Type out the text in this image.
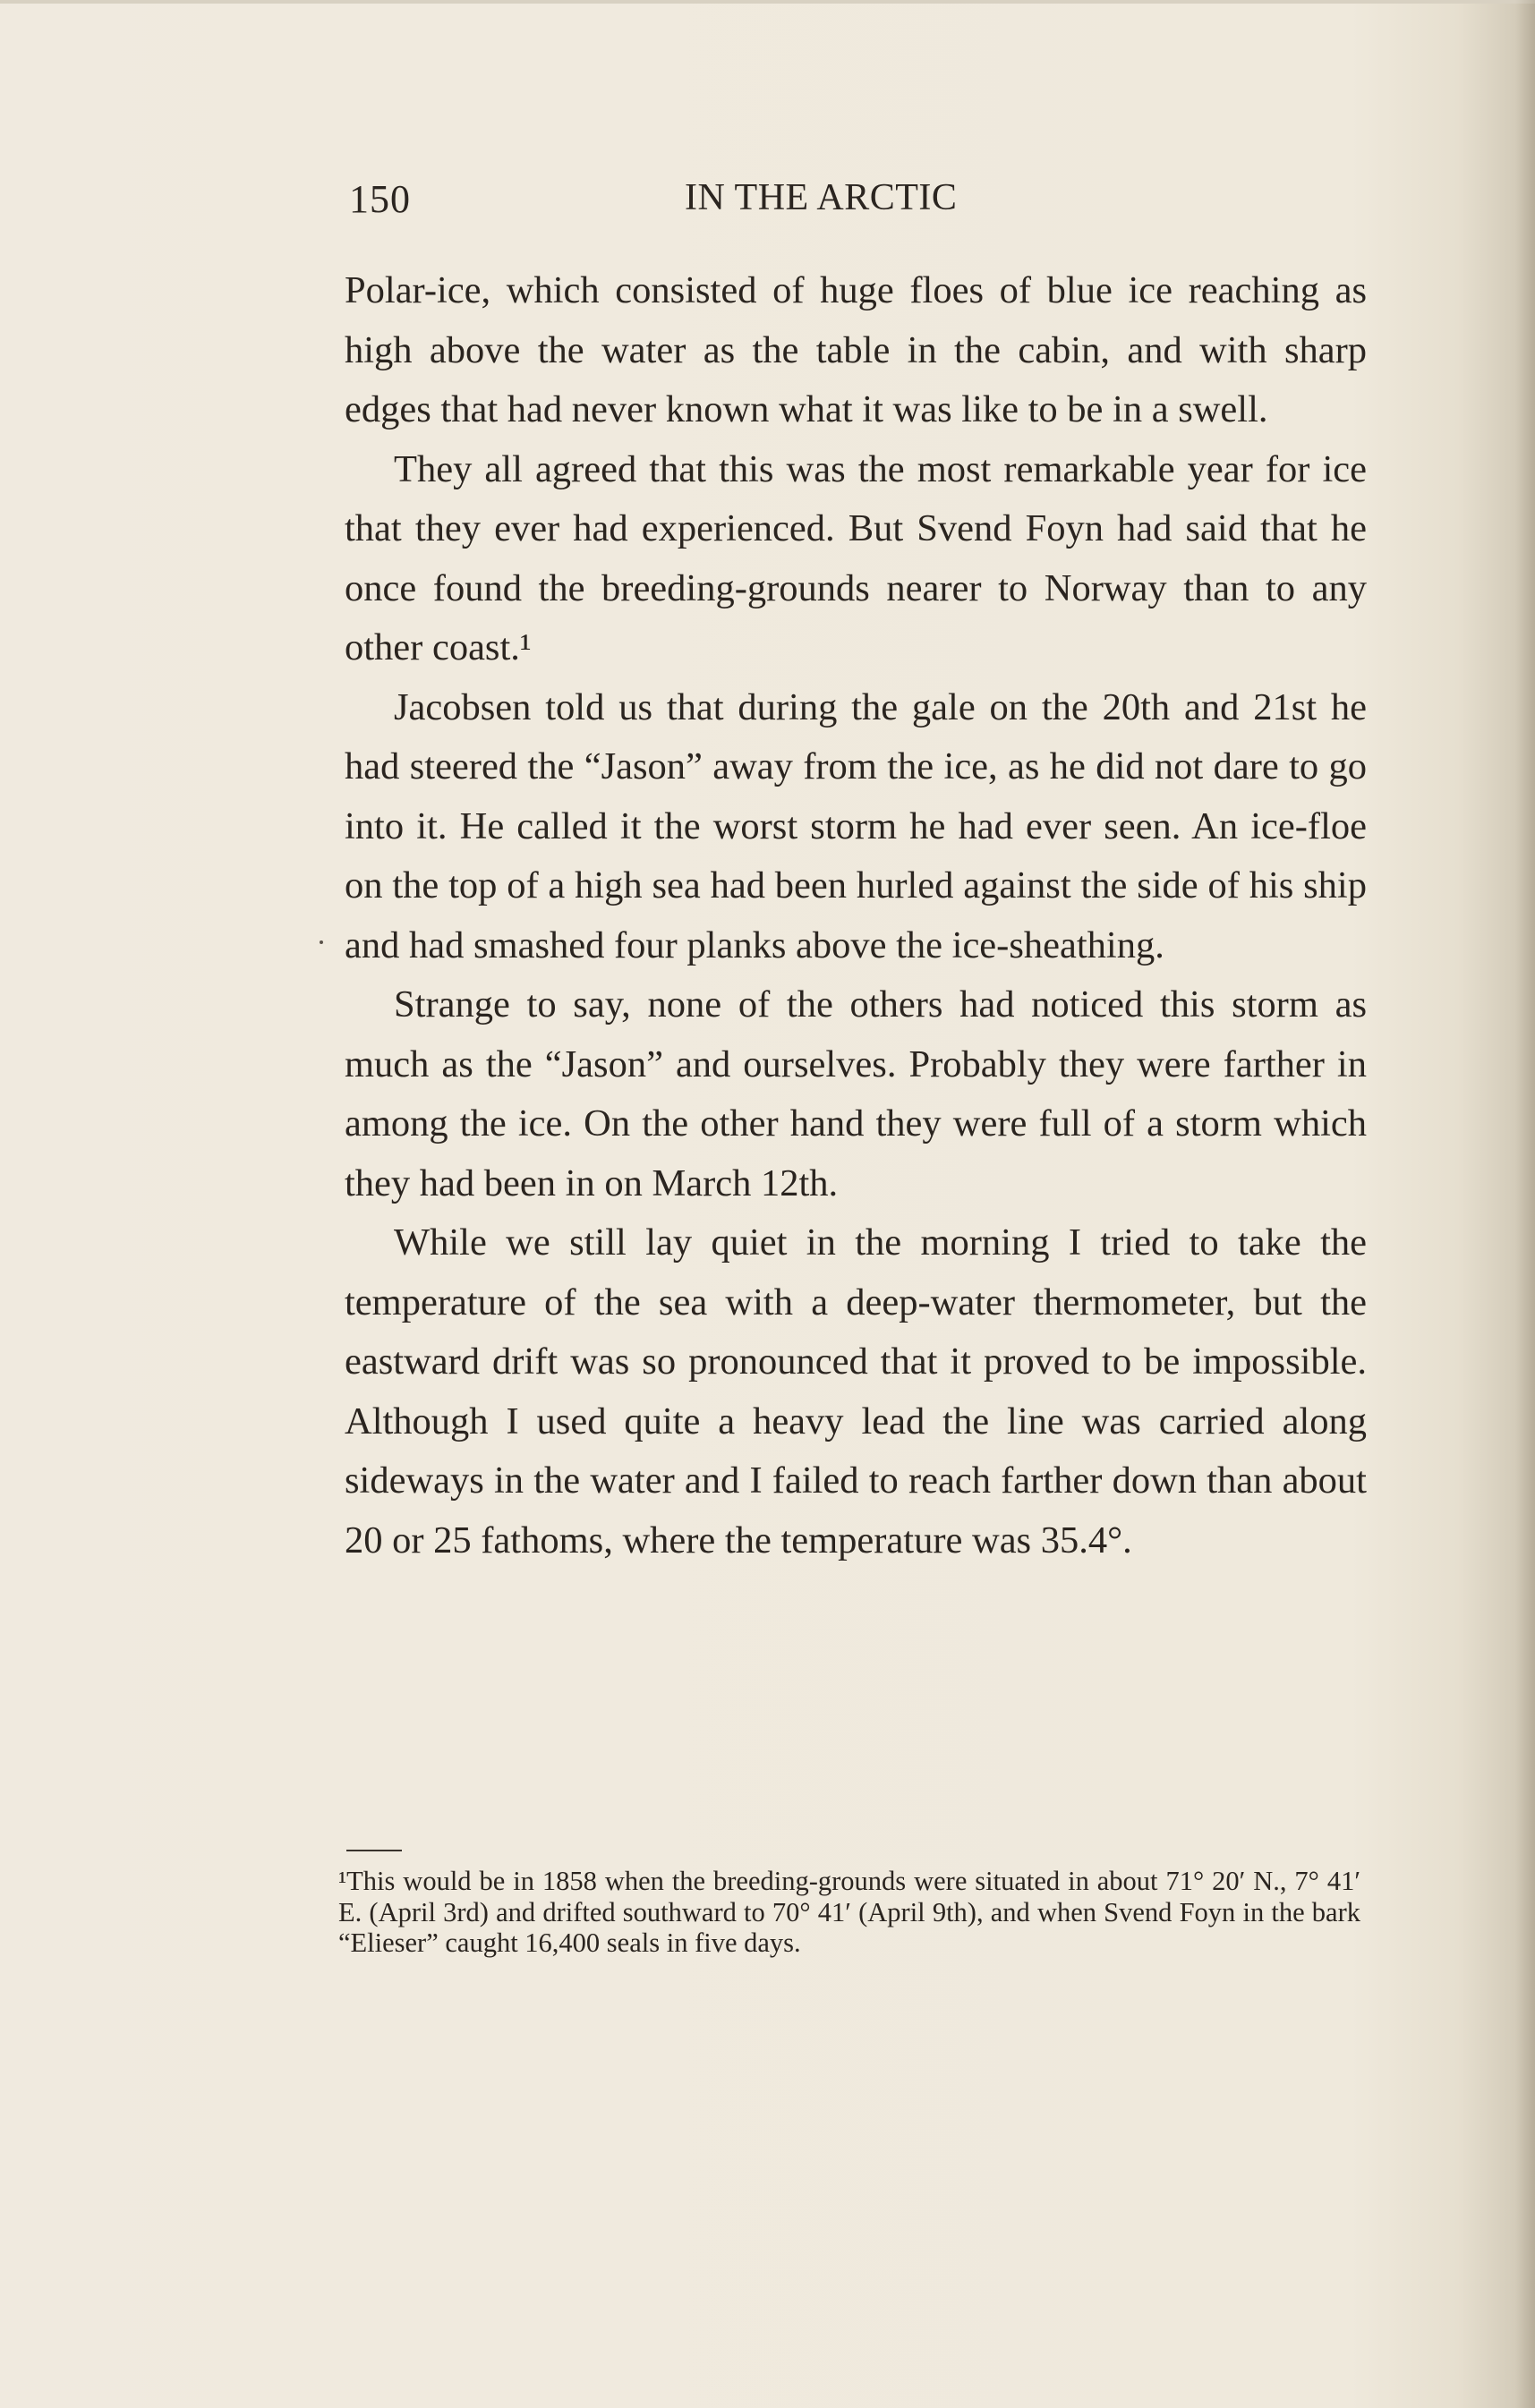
150	IN THE ARCTIC

Polar-ice, which consisted of huge floes of blue ice reaching as high above the water as the table in the cabin, and with sharp edges that had never known what it was like to be in a swell.

They all agreed that this was the most remarkable year for ice that they ever had experienced. But Svend Foyn had said that he once found the breeding-grounds nearer to Norway than to any other coast.¹

Jacobsen told us that during the gale on the 20th and 21st he had steered the “Jason” away from the ice, as he did not dare to go into it. He called it the worst storm he had ever seen. An ice-floe on the top of a high sea had been hurled against the side of his ship and had smashed four planks above the ice-sheathing.

Strange to say, none of the others had noticed this storm as much as the “Jason” and ourselves. Probably they were farther in among the ice. On the other hand they were full of a storm which they had been in on March 12th.

While we still lay quiet in the morning I tried to take the temperature of the sea with a deep-water thermometer, but the eastward drift was so pronounced that it proved to be impossible. Although I used quite a heavy lead the line was carried along sideways in the water and I failed to reach farther down than about 20 or 25 fathoms, where the temperature was 35.4°.

¹This would be in 1858 when the breeding-grounds were situated in about 71° 20′ N., 7° 41′ E. (April 3rd) and drifted southward to 70° 41′ (April 9th), and when Svend Foyn in the bark “Elieser” caught 16,400 seals in five days.
